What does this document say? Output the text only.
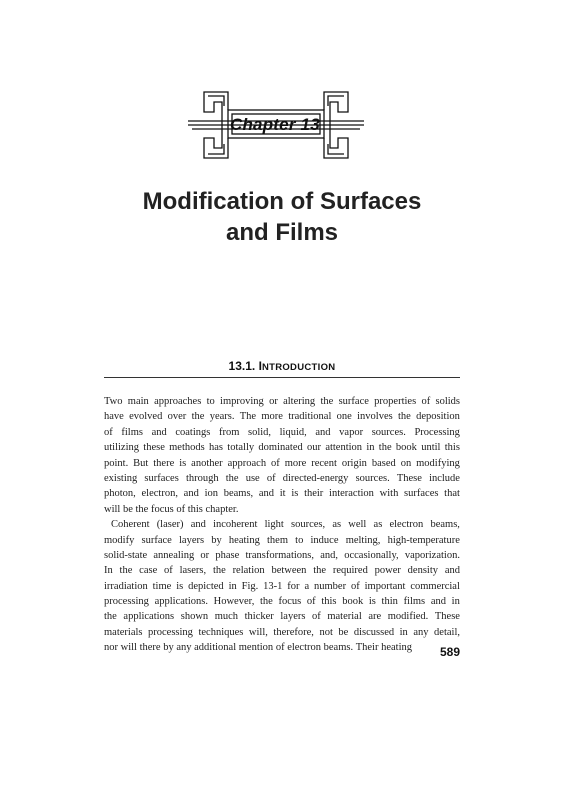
Chapter 13
Modification of Surfaces
and Films
13.1. INTRODUCTION
Two main approaches to improving or altering the surface properties of solids
have evolved over the years. The more traditional one involves the deposition
of films and coatings from solid, liquid, and vapor sources. Processing
utilizing these methods has totally dominated our attention in the book until this
point. But there is another approach of more recent origin based on modifying
existing surfaces through the use of directed-energy sources. These include
photon, electron, and ion beams, and it is their interaction with surfaces that
will be the focus of this chapter.
Coherent (laser) and incoherent light sources, as well as electron beams,
modify surface layers by heating them to induce melting, high-temperature
solid-state annealing or phase transformations, and, occasionally, vaporization.
In the case of lasers, the relation between the required power density and
irradiation time is depicted in Fig. 13-1 for a number of important commercial
processing applications. However, the focus of this book is thin films and in
the applications shown much thicker layers of material are modified. These
materials processing techniques will, therefore, not be discussed in any detail,
nor will there by any additional mention of electron beams. Their heating	589
